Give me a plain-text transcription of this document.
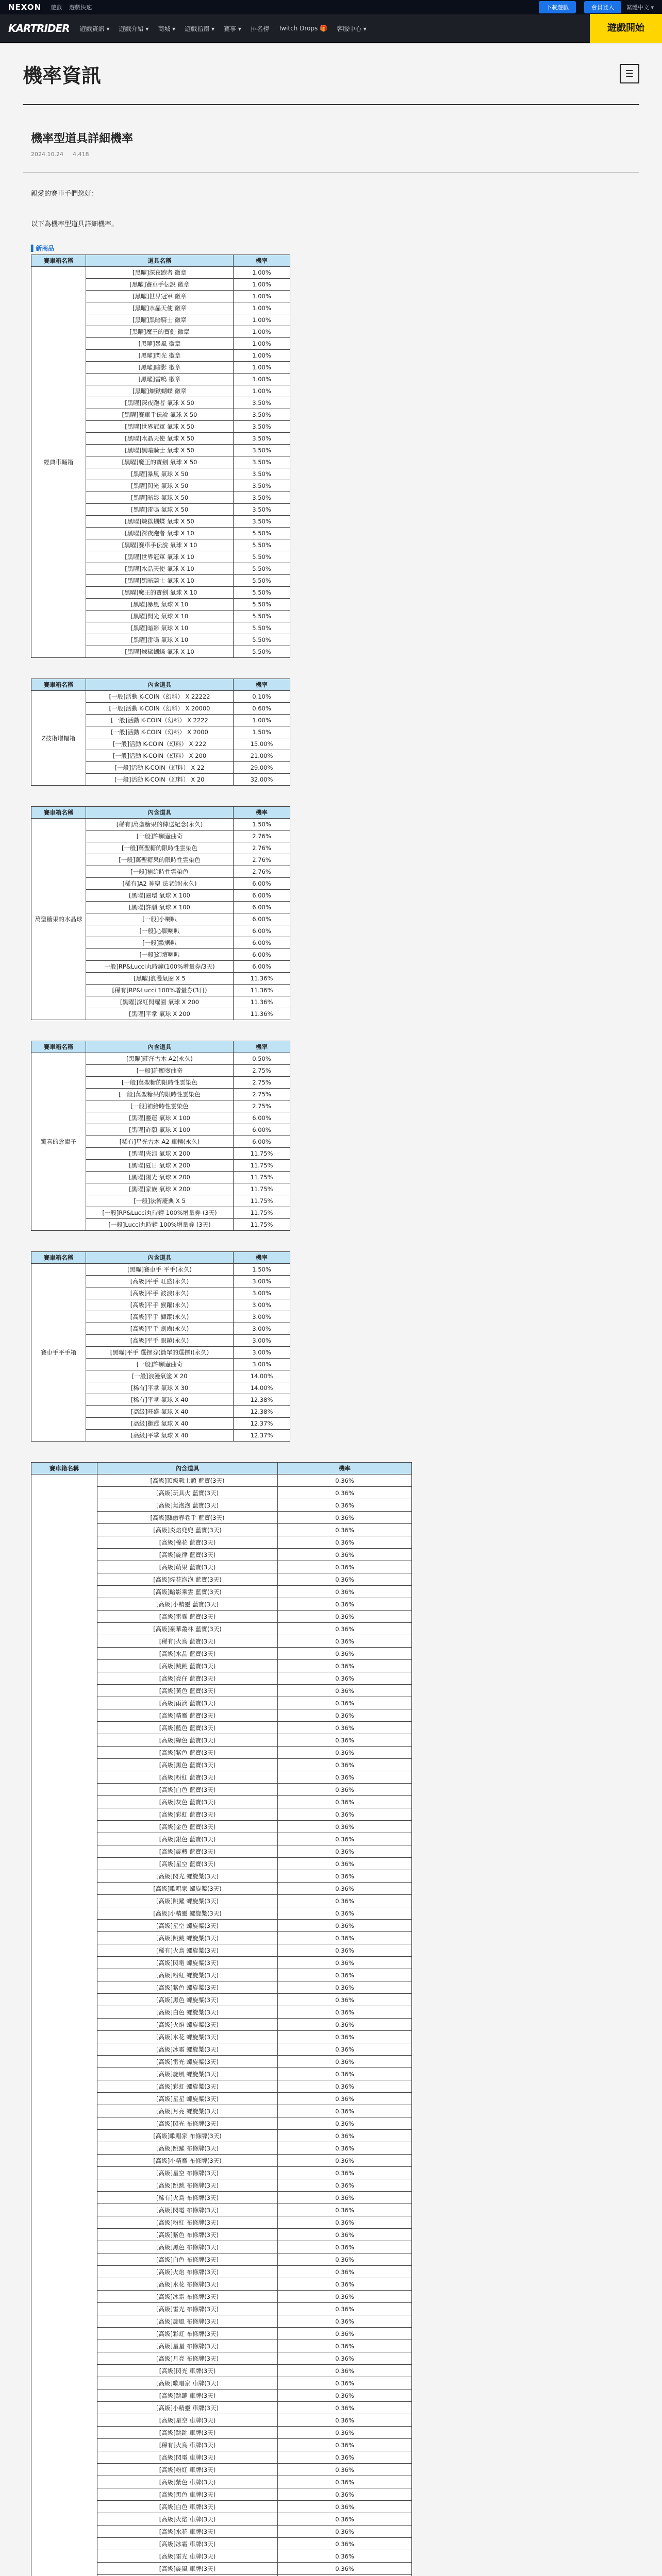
NEXON 遊戲 遊戲快速	下載遊戲	會員登入	繁體中文 ▾
KARTRIDER 遊戲資訊 ▾ 遊戲介紹 ▾ 商城 ▾ 遊戲指南 ▾ 賽事 ▾ 排名榜 Twitch Drops 🎁 客服中心 ▾	遊戲開始
機率資訊	☰
機率型道具詳細機率
2024.10.24 4,418

親愛的賽車手們您好：

以下為機率型道具詳細機率。

▌新商品
賽車箱名稱	道具名稱	機率
經典車輛箱	[黑曜]深夜跑者 徽章	1.00%
	[黑曜]賽車手伝說 徽章	1.00%
	[黑曜]世界冠軍 徽章	1.00%
	[黑曜]水晶天使 徽章	1.00%
	[黑曜]黑暗騎士 徽章	1.00%
	[黑曜]魔王的寶劍 徽章	1.00%
	[黑曜]暴風 徽章	1.00%
	[黑曜]閃光 徽章	1.00%
	[黑曜]暗影 徽章	1.00%
	[黑曜]雷鳴 徽章	1.00%
	[黑曜]煉獄蝴蝶 徽章	1.00%
	[黑曜]深夜跑者 氣球 X 50	3.50%
	[黑曜]賽車手伝說 氣球 X 50	3.50%
	[黑曜]世界冠軍 氣球 X 50	3.50%
	[黑曜]水晶天使 氣球 X 50	3.50%
	[黑曜]黑暗騎士 氣球 X 50	3.50%
	[黑曜]魔王的寶劍 氣球 X 50	3.50%
	[黑曜]暴風 氣球 X 50	3.50%
	[黑曜]閃光 氣球 X 50	3.50%
	[黑曜]暗影 氣球 X 50	3.50%
	[黑曜]雷鳴 氣球 X 50	3.50%
	[黑曜]煉獄蝴蝶 氣球 X 50	3.50%
	[黑曜]深夜跑者 氣球 X 10	5.50%
	[黑曜]賽車手伝說 氣球 X 10	5.50%
	[黑曜]世界冠軍 氣球 X 10	5.50%
	[黑曜]水晶天使 氣球 X 10	5.50%
	[黑曜]黑暗騎士 氣球 X 10	5.50%
	[黑曜]魔王的寶劍 氣球 X 10	5.50%
	[黑曜]暴風 氣球 X 10	5.50%
	[黑曜]閃光 氣球 X 10	5.50%
	[黑曜]暗影 氣球 X 10	5.50%
	[黑曜]雷鳴 氣球 X 10	5.50%
	[黑曜]煉獄蝴蝶 氣球 X 10	5.50%
賽車箱名稱	內含道具	機率
Z技術增幅箱	[一般]活動 K-COIN（幻料） X 22222	0.10%
	[一般]活動 K-COIN（幻料） X 20000	0.60%
	[一般]活動 K-COIN（幻料） X 2222	1.00%
	[一般]活動 K-COIN（幻料） X 2000	1.50%
	[一般]活動 K-COIN（幻料） X 222	15.00%
	[一般]活動 K-COIN（幻料） X 200	21.00%
	[一般]活動 K-COIN（幻料） X 22	29.00%
	[一般]活動 K-COIN（幻料） X 20	32.00%
賽車箱名稱	內含道具	機率
萬聖糖果的水晶球	[稀有]萬聖糖果的傳送紀念(永久)	1.50%
	[一般]許願壺曲奇	2.76%
	[一般]萬聖糖的限時性雲染色	2.76%
	[一般]萬聖糖果的限時性雲染色	2.76%
	[一般]補給時性雲染色	2.76%
	[稀有]A2 神聖 法老師(永久)	6.00%
	[黑曜]圈環 氣球 X 100	6.00%
	[黑曜]許願 氣球 X 100	6.00%
	[一般]小喇叭	6.00%
	[一般]心願喇叭	6.00%
	[一般]歡樂叭	6.00%
	[一般]幻壇喇叭	6.00%
	一般]RP&Lucci丸時鐘(100%增量券/3天)	6.00%
	[黑曜]浪漫氣圈 X 5	11.36%
	[稀有]RP&Lucci 100%增量券(3日)	11.36%
	[黑曜]深紅閃耀圈 氣球 X 200	11.36%
	[黑曜]平掌 氣球 X 200	11.36%
賽車箱名稱	內含道具	機率
驚喜的倉庫子	[黑曜]莊洋古木 A2(永久)	0.50%
	[一般]許願壺曲奇	2.75%
	[一般]萬聖糖的限時性雲染色	2.75%
	[一般]萬聖糖果的限時性雲染色	2.75%
	[一般]補給時性雲染色	2.75%
	[黑曜]靈運 氣球 X 100	6.00%
	[黑曜]許願 氣球 X 100	6.00%
	[稀有]星光古木 A2 車輛(永久)	6.00%
	[黑曜]夾浪 氣球 X 200	11.75%
	[黑曜]夏日 氣球 X 200	11.75%
	[黑曜]陽光 氣球 X 200	11.75%
	[黑曜]家族 氣球 X 200	11.75%
	[一般]法術慶典 X 5	11.75%
	[一般]RP&Lucci丸時鐘 100%增量券 (3天)	11.75%
	[一般]Lucci丸時鐘 100%增量券 (3天)	11.75%
賽車箱名稱	內含道具	機率
賽車手平手箱	[黑曜]賽車手 平手(永久)	1.50%
	[高級]平手 旺盛(永久)	3.00%
	[高級]平手 波浪(永久)	3.00%
	[高級]平手 猴躍(永久)	3.00%
	[高級]平手 獅蹤(永久)	3.00%
	[高級]平手 劍齒(永久)	3.00%
	[高級]平手 眼鏡(永久)	3.00%
	[黑曜]平手 選擇券(簡單的選擇)(永久)	3.00%
	[一般]許願壺曲奇	3.00%
	[一般]浪漫氣塗 X 20	14.00%
	[稀有]平掌 氣球 X 30	14.00%
	[稀有]平掌 氣球 X 40	12.38%
	[高級]旺盛 氣球 X 40	12.38%
	[高級]獅蹤 氣球 X 40	12.37%
	[高級]平掌 氣球 X 40	12.37%
賽車箱名稱	內含道具	機率
	[高級]頂級戰士頭 藍寶(3天)	0.36%
	[高級]玩具火 藍寶(3天)	0.36%
	[高級]氣泡泡 藍寶(3天)	0.36%
	[高級]驕傲春卷手 藍寶(3天)	0.36%
	[高級]炎焰兜兜 藍寶(3天)	0.36%
	[高級]棉花 藍寶(3天)	0.36%
	[高級]旋律 藍寶(3天)	0.36%
	[高級]萌果 藍寶(3天)	0.36%
	[高級]煙花泡泡 藍寶(3天)	0.36%
	[高級]暗影乘雲 藍寶(3天)	0.36%
	[高級]小精靈 藍寶(3天)	0.36%
	[高級]雷霆 藍寶(3天)	0.36%
	[高級]豪華叢林 藍寶(3天)	0.36%
	[稀有]火鳥 藍寶(3天)	0.36%
	[高級]水晶 藍寶(3天)	0.36%
	[高級]跳跳 藍寶(3天)	0.36%
	[高級]亮仔 藍寶(3天)	0.36%
	[高級]黃色 藍寶(3天)	0.36%
	[高級]雨滴 藍寶(3天)	0.36%
	[高級]精靈 藍寶(3天)	0.36%
	[高級]藍色 藍寶(3天)	0.36%
	[高級]綠色 藍寶(3天)	0.36%
	[高級]紫色 藍寶(3天)	0.36%
	[高級]黑色 藍寶(3天)	0.36%
	[高級]粉紅 藍寶(3天)	0.36%
	[高級]白色 藍寶(3天)	0.36%
	[高級]灰色 藍寶(3天)	0.36%
	[高級]彩虹 藍寶(3天)	0.36%
	[高級]金色 藍寶(3天)	0.36%
	[高級]銀色 藍寶(3天)	0.36%
	[高級]旋轉 藍寶(3天)	0.36%
	[高級]星空 藍寶(3天)	0.36%
	[高級]閃光 螺旋槳(3天)	0.36%
	[高級]歌唱家 螺旋槳(3天)	0.36%
	[高級]跳躍 螺旋槳(3天)	0.36%
	[高級]小精靈 螺旋槳(3天)	0.36%
	[高級]星空 螺旋槳(3天)	0.36%
	[高級]跳跳 螺旋槳(3天)	0.36%
	[稀有]火鳥 螺旋槳(3天)	0.36%
	[高級]閃電 螺旋槳(3天)	0.36%
	[高級]粉紅 螺旋槳(3天)	0.36%
	[高級]紫色 螺旋槳(3天)	0.36%
	[高級]黑色 螺旋槳(3天)	0.36%
	[高級]白色 螺旋槳(3天)	0.36%
	[高級]火焰 螺旋槳(3天)	0.36%
	[高級]水花 螺旋槳(3天)	0.36%
	[高級]冰霜 螺旋槳(3天)	0.36%
	[高級]雷光 螺旋槳(3天)	0.36%
	[高級]旋風 螺旋槳(3天)	0.36%
	[高級]彩虹 螺旋槳(3天)	0.36%
	[高級]星星 螺旋槳(3天)	0.36%
	[高級]月亮 螺旋槳(3天)	0.36%
	[高級]閃光 布條牌(3天)	0.36%
	[高級]歌唱家 布條牌(3天)	0.36%
	[高級]跳躍 布條牌(3天)	0.36%
	[高級]小精靈 布條牌(3天)	0.36%
	[高級]星空 布條牌(3天)	0.36%
	[高級]跳跳 布條牌(3天)	0.36%
	[稀有]火鳥 布條牌(3天)	0.36%
	[高級]閃電 布條牌(3天)	0.36%
	[高級]粉紅 布條牌(3天)	0.36%
	[高級]紫色 布條牌(3天)	0.36%
	[高級]黑色 布條牌(3天)	0.36%
	[高級]白色 布條牌(3天)	0.36%
	[高級]火焰 布條牌(3天)	0.36%
	[高級]水花 布條牌(3天)	0.36%
	[高級]冰霜 布條牌(3天)	0.36%
	[高級]雷光 布條牌(3天)	0.36%
	[高級]旋風 布條牌(3天)	0.36%
	[高級]彩虹 布條牌(3天)	0.36%
	[高級]星星 布條牌(3天)	0.36%
	[高級]月亮 布條牌(3天)	0.36%
	[高級]閃光 車牌(3天)	0.36%
	[高級]歌唱家 車牌(3天)	0.36%
	[高級]跳躍 車牌(3天)	0.36%
	[高級]小精靈 車牌(3天)	0.36%
	[高級]星空 車牌(3天)	0.36%
	[高級]跳跳 車牌(3天)	0.36%
	[稀有]火鳥 車牌(3天)	0.36%
	[高級]閃電 車牌(3天)	0.36%
	[高級]粉紅 車牌(3天)	0.36%
	[高級]紫色 車牌(3天)	0.36%
	[高級]黑色 車牌(3天)	0.36%
	[高級]白色 車牌(3天)	0.36%
	[高級]火焰 車牌(3天)	0.36%
	[高級]水花 車牌(3天)	0.36%
	[高級]冰霜 車牌(3天)	0.36%
	[高級]雷光 車牌(3天)	0.36%
	[高級]旋風 車牌(3天)	0.36%
